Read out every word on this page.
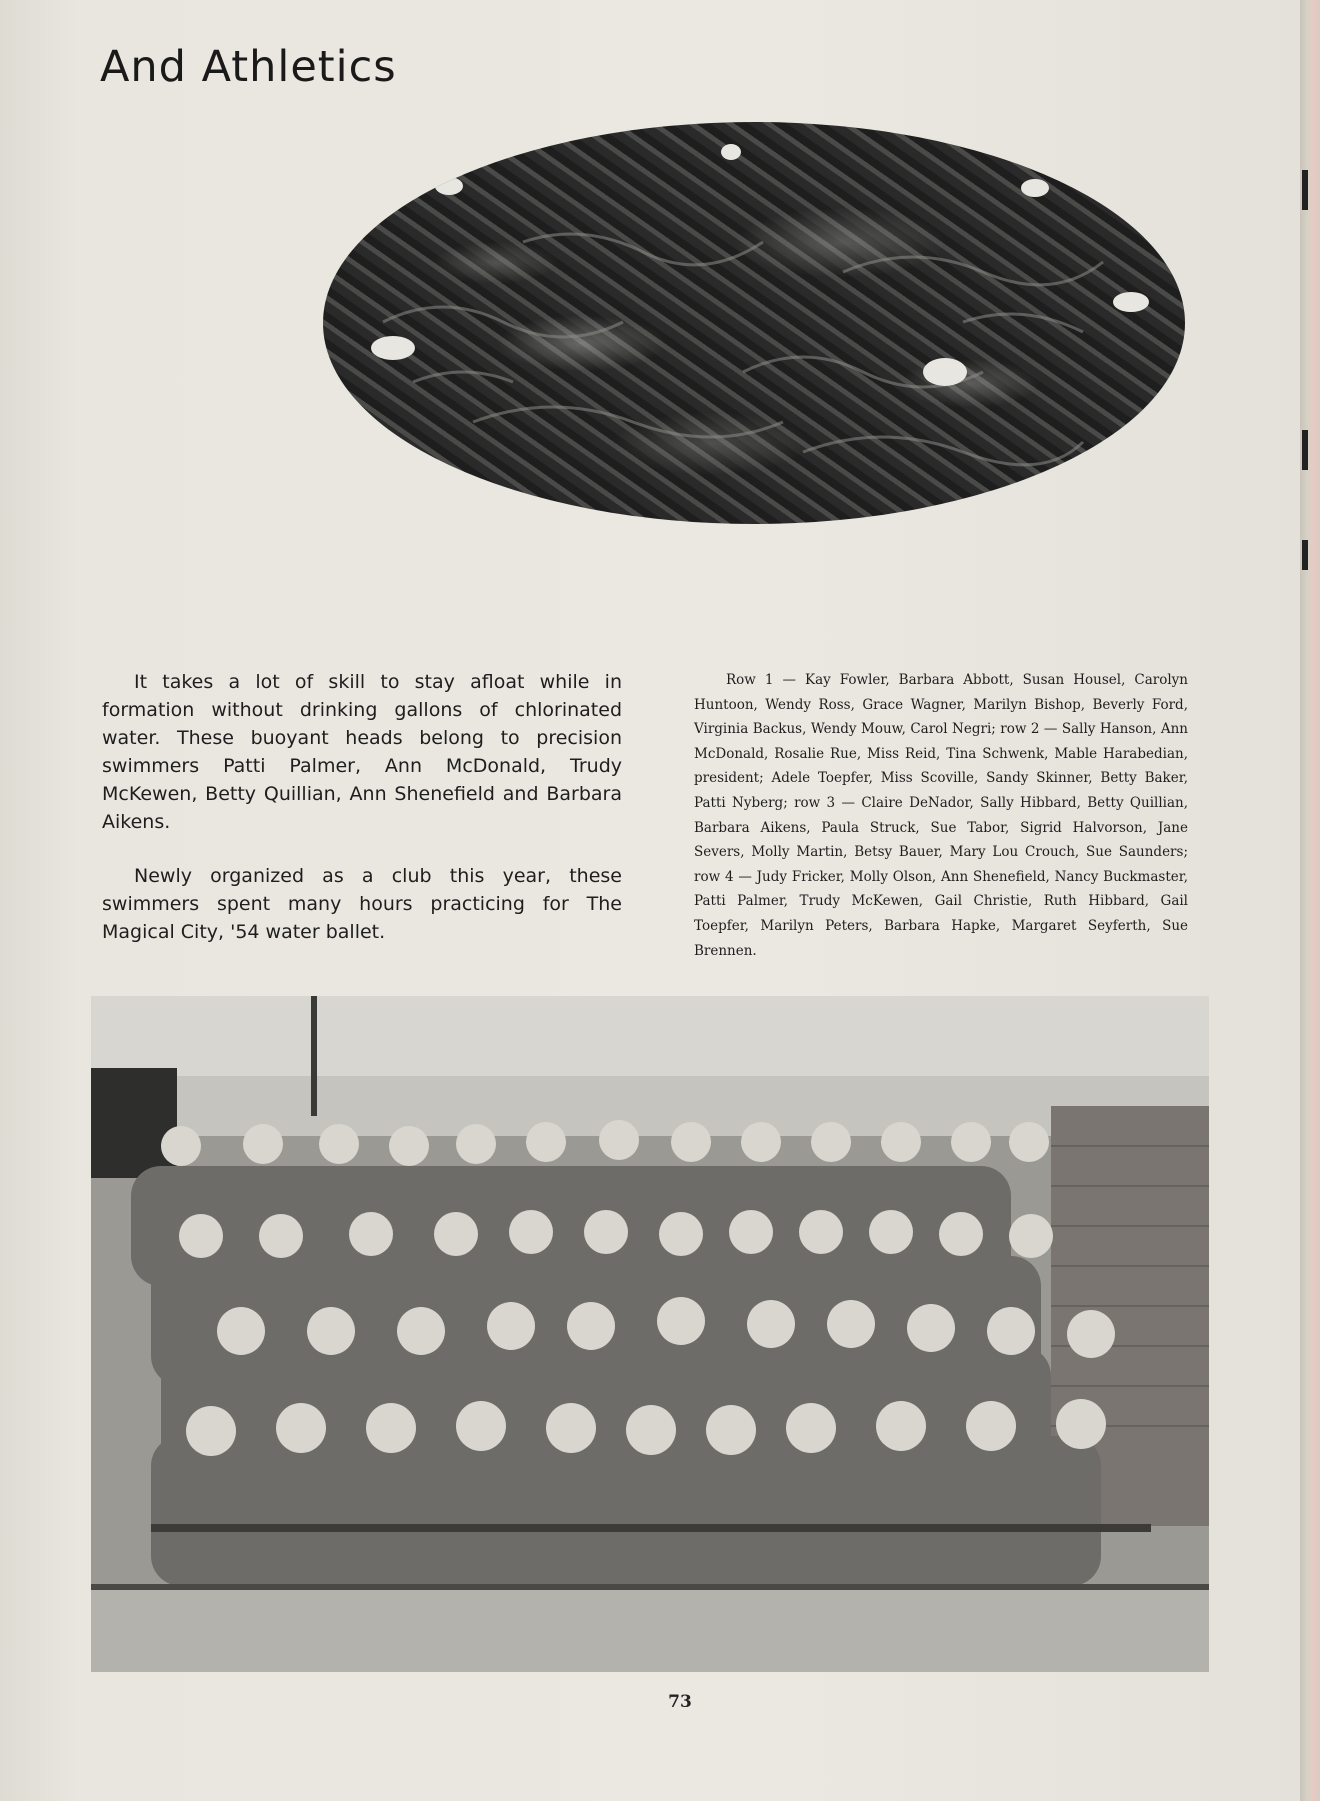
And Athletics

It takes a lot of skill to stay afloat while in formation without drinking gallons of chlorinated water. These buoyant heads belong to precision swimmers Patti Palmer, Ann McDonald, Trudy McKewen, Betty Quillian, Ann Shenefield and Barbara Aikens.

Newly organized as a club this year, these swimmers spent many hours practicing for The Magical City, '54 water ballet.

Row 1 — Kay Fowler, Barbara Abbott, Susan Housel, Carolyn Huntoon, Wendy Ross, Grace Wagner, Marilyn Bishop, Beverly Ford, Virginia Backus, Wendy Mouw, Carol Negri; row 2 — Sally Hanson, Ann McDonald, Rosalie Rue, Miss Reid, Tina Schwenk, Mable Harabedian, president; Adele Toepfer, Miss Scoville, Sandy Skinner, Betty Baker, Patti Nyberg; row 3 — Claire DeNador, Sally Hibbard, Betty Quillian, Barbara Aikens, Paula Struck, Sue Tabor, Sigrid Halvorson, Jane Severs, Molly Martin, Betsy Bauer, Mary Lou Crouch, Sue Saunders; row 4 — Judy Fricker, Molly Olson, Ann Shenefield, Nancy Buckmaster, Patti Palmer, Trudy McKewen, Gail Christie, Ruth Hibbard, Gail Toepfer, Marilyn Peters, Barbara Hapke, Margaret Seyferth, Sue Brennen.

73
